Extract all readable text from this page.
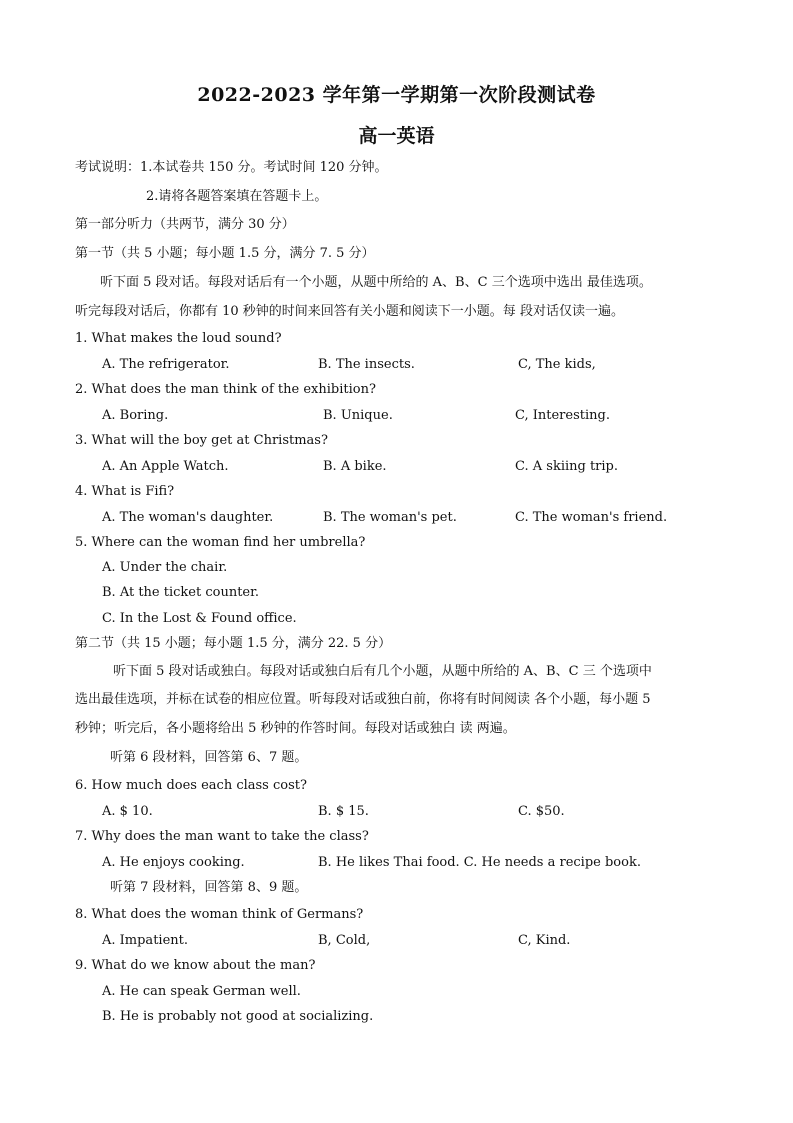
2022-2023 学年第一学期第一次阶段测试卷
高一英语
考试说明：1.本试卷共 150 分。考试时间 120 分钟。
2.请将各题答案填在答题卡上。
第一部分听力（共两节，满分 30 分）
第一节（共 5 小题；每小题 1.5 分，满分 7. 5 分）
听下面 5 段对话。每段对话后有一个小题，从题中所给的 A、B、C 三个选项中选出 最佳选项。
听完每段对话后，你都有 10 秒钟的时间来回答有关小题和阅读下一小题。每 段对话仅读一遍。
1. What makes the loud sound?
A. The refrigerator.	B. The insects.	C, The kids,
2. What does the man think of the exhibition?
A. Boring.	B. Unique.	C, Interesting.
3. What will the boy get at Christmas?
A. An Apple Watch.	B. A bike.	C. A skiing trip.
4. What is Fifi?
A. The woman's daughter.	B. The woman's pet.	C. The woman's friend.
5. Where can the woman find her umbrella?
A. Under the chair.
B. At the ticket counter.
C. In the Lost & Found office.
第二节（共 15 小题；每小题 1.5 分，满分 22. 5 分）
听下面 5 段对话或独白。每段对话或独白后有几个小题，从题中所给的 A、B、C 三 个选项中
选出最佳选项，并标在试卷的相应位置。听每段对话或独白前，你将有时间阅读 各个小题，每小题 5
秒钟；听完后，各小题将给出 5 秒钟的作答时间。每段对话或独白 读 两遍。
听第 6 段材料，回答第 6、7 题。
6. How much does each class cost?
A. $ 10.	B. $ 15.	C. $50.
7. Why does the man want to take the class?
A. He enjoys cooking.	B. He likes Thai food. C. He needs a recipe book.
听第 7 段材料，回答第 8、9 题。
8. What does the woman think of Germans?
A. Impatient.	B, Cold,	C, Kind.
9. What do we know about the man?
A. He can speak German well.
B. He is probably not good at socializing.
